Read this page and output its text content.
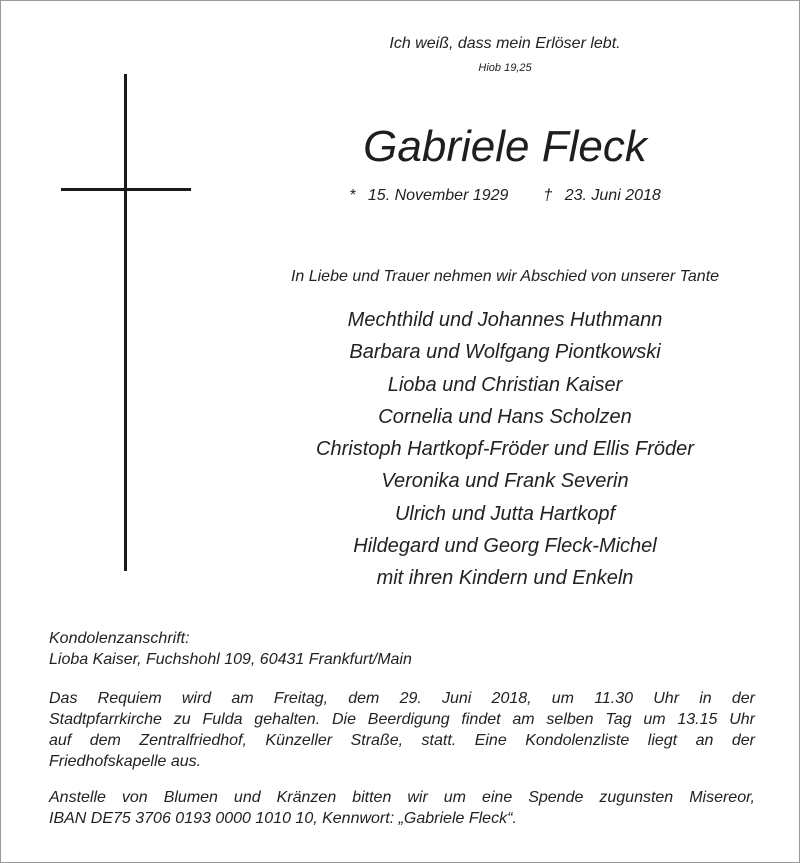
Ich weiß, dass mein Erlöser lebt.
Hiob 19,25
Gabriele Fleck
* 15. November 1929 † 23. Juni 2018
In Liebe und Trauer nehmen wir Abschied von unserer Tante
Mechthild und Johannes Huthmann
Barbara und Wolfgang Piontkowski
Lioba und Christian Kaiser
Cornelia und Hans Scholzen
Christoph Hartkopf-Fröder und Ellis Fröder
Veronika und Frank Severin
Ulrich und Jutta Hartkopf
Hildegard und Georg Fleck-Michel
mit ihren Kindern und Enkeln
Kondolenzanschrift:
Lioba Kaiser, Fuchshohl 109, 60431 Frankfurt/Main
Das Requiem wird am Freitag, dem 29. Juni 2018, um 11.30 Uhr in der
Stadtpfarrkirche zu Fulda gehalten. Die Beerdigung findet am selben Tag um 13.15 Uhr
auf dem Zentralfriedhof, Künzeller Straße, statt. Eine Kondolenzliste liegt an der
Friedhofskapelle aus.
Anstelle von Blumen und Kränzen bitten wir um eine Spende zugunsten Misereor,
IBAN DE75 3706 0193 0000 1010 10, Kennwort: „Gabriele Fleck“.
